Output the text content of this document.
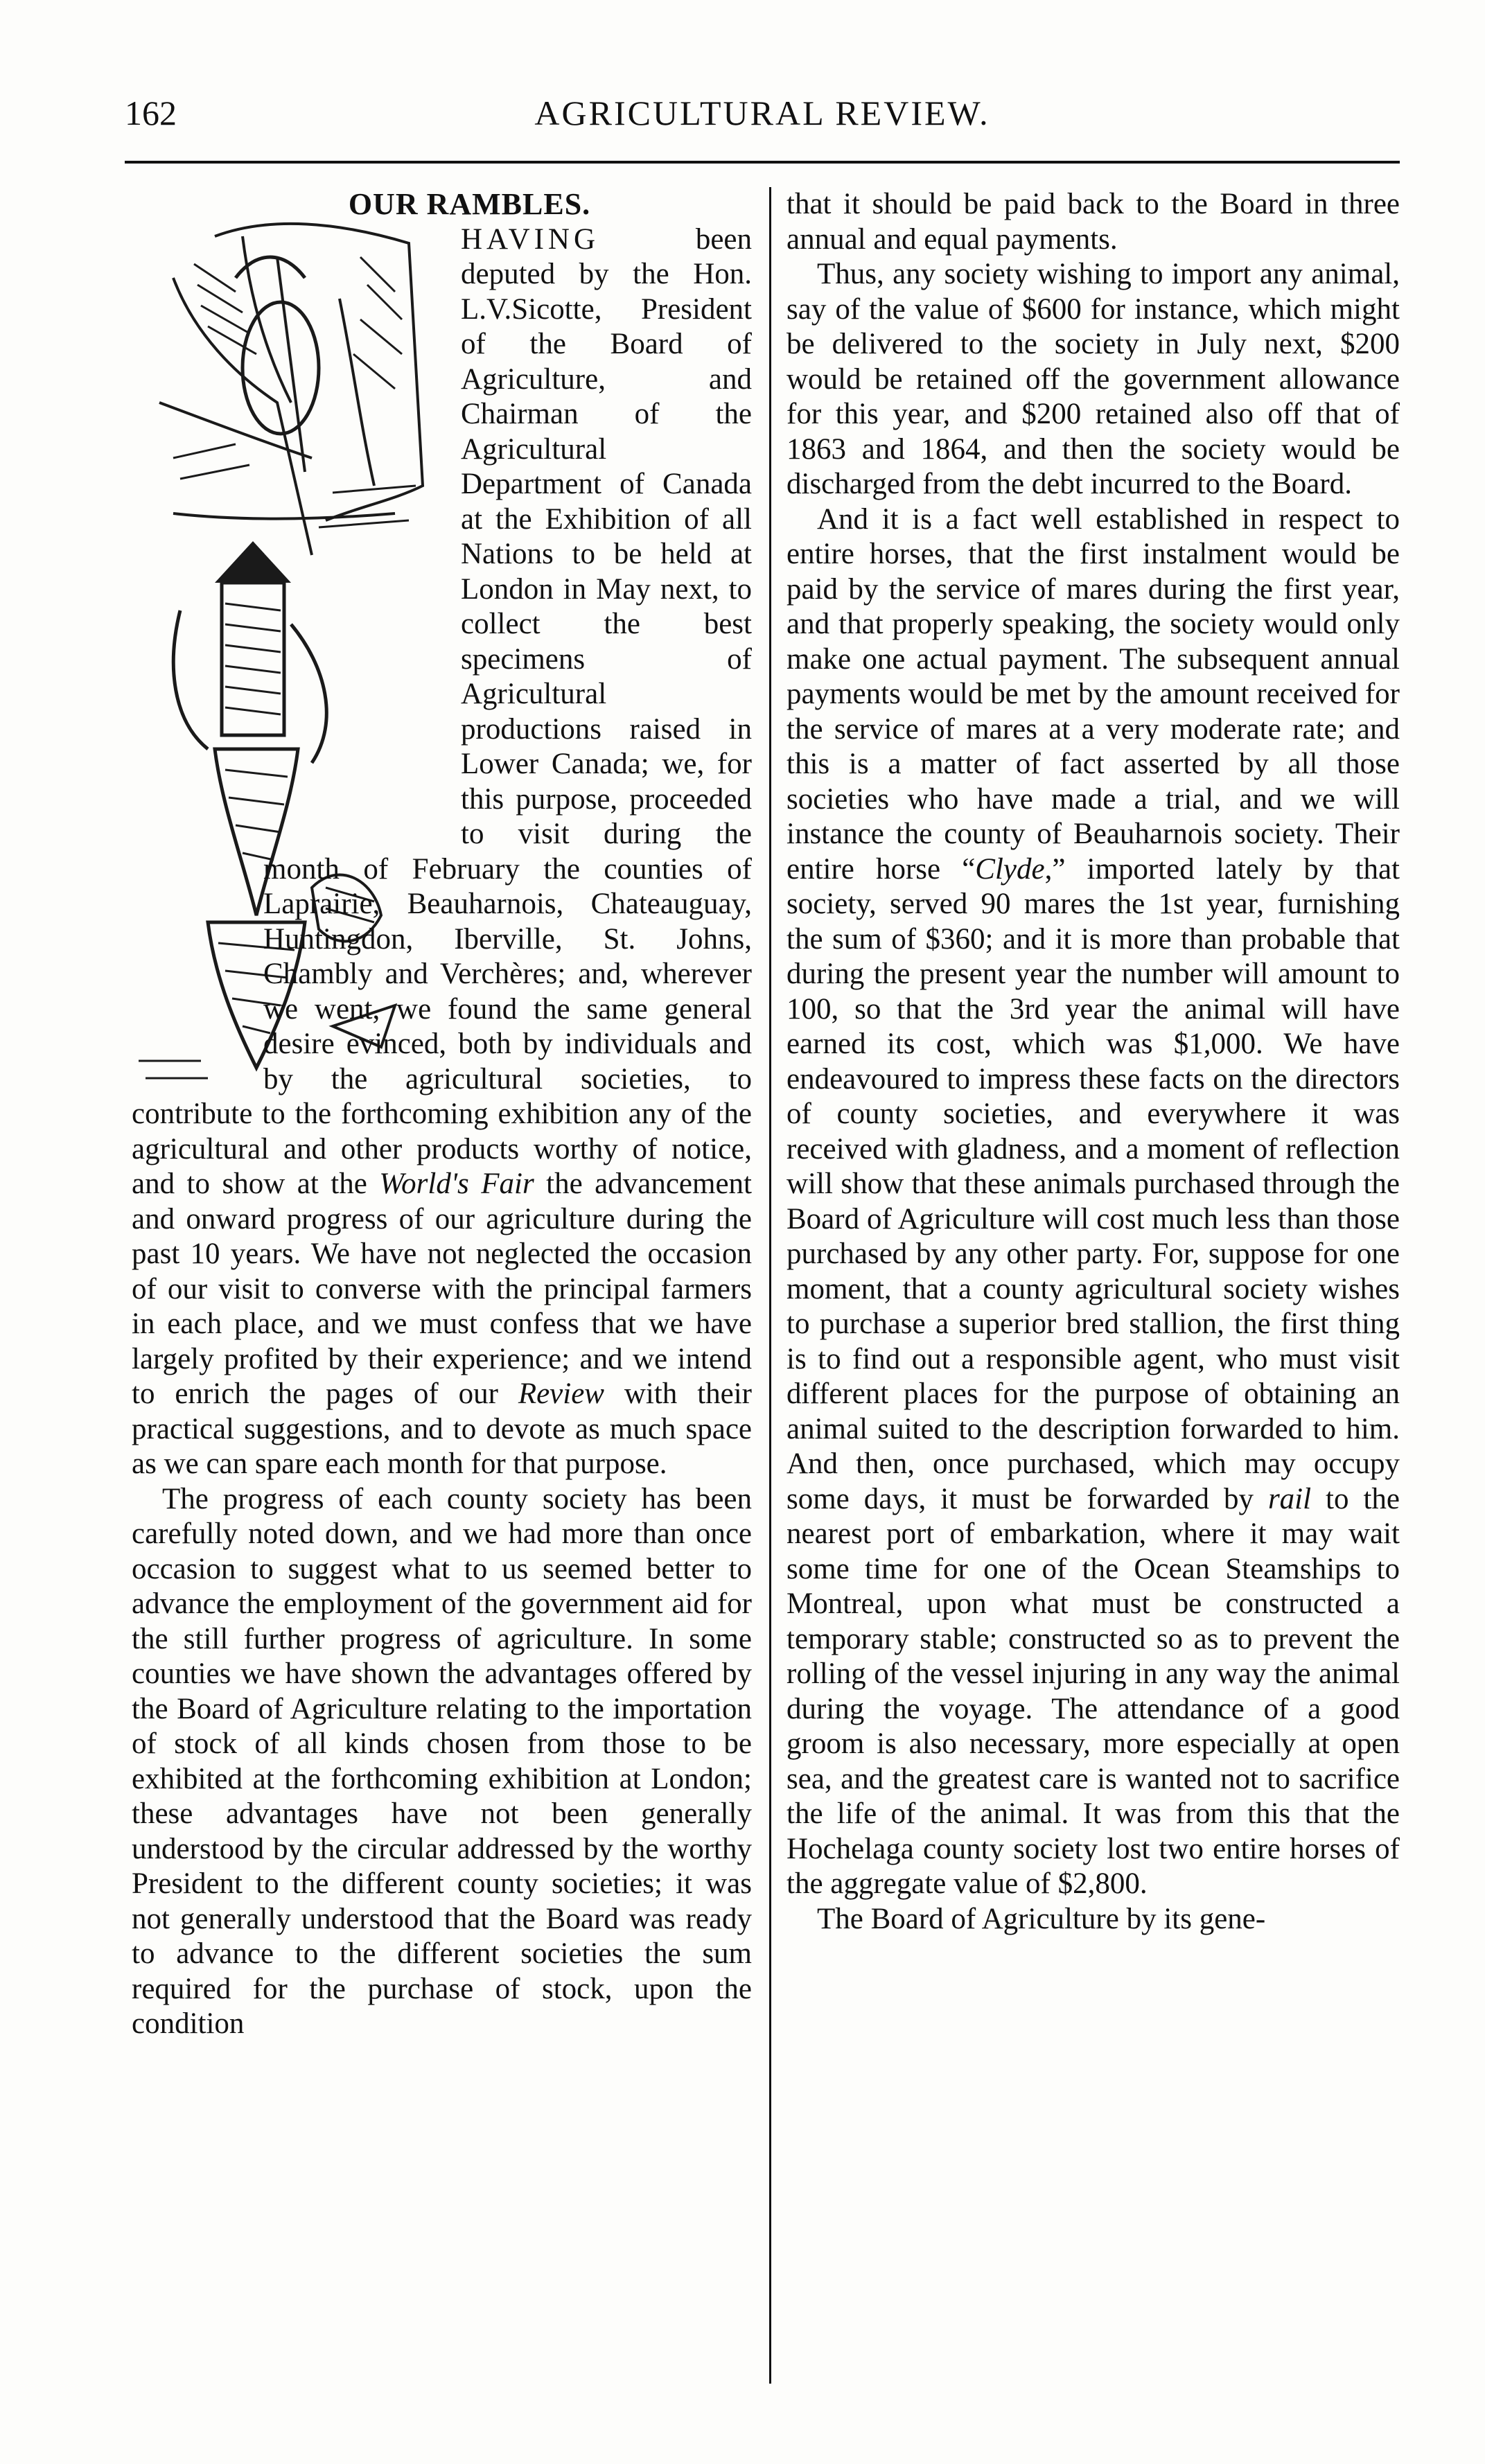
162	AGRICULTURAL REVIEW.
OUR RAMBLES.

HAVING been deputed by the Hon. L.V.Sicotte, President of the Board of Agriculture, and Chairman of the Agricultural Department of Canada at the Exhibition of all Nations to be held at London in May next, to collect the best specimens of Agricultural productions raised in Lower Canada; we, for this purpose, proceeded to visit during the month of February the counties of Laprairie, Beauharnois, Chateauguay, Huntingdon, Iberville, St. Johns, Chambly and Verchères; and, wherever we went, we found the same general desire evinced, both by individuals and by the agricultural societies, to contribute to the forthcoming exhibition any of the agricultural and other products worthy of notice, and to show at the World's Fair the advancement and onward progress of our agriculture during the past 10 years. We have not neglected the occasion of our visit to converse with the principal farmers in each place, and we must confess that we have largely profited by their experience; and we intend to enrich the pages of our Review with their practical suggestions, and to devote as much space as we can spare each month for that purpose.

The progress of each county society has been carefully noted down, and we had more than once occasion to suggest what to us seemed better to advance the employment of the government aid for the still further progress of agriculture. In some counties we have shown the advantages offered by the Board of Agriculture relating to the importation of stock of all kinds chosen from those to be exhibited at the forthcoming exhibition at London; these advantages have not been generally understood by the circular addressed by the worthy President to the different county societies; it was not generally understood that the Board was ready to advance to the different societies the sum required for the purchase of stock, upon the condition

that it should be paid back to the Board in three annual and equal payments.

Thus, any society wishing to import any animal, say of the value of $600 for instance, which might be delivered to the society in July next, $200 would be retained off the government allowance for this year, and $200 retained also off that of 1863 and 1864, and then the society would be discharged from the debt incurred to the Board.

And it is a fact well established in respect to entire horses, that the first instalment would be paid by the service of mares during the first year, and that properly speaking, the society would only make one actual payment. The subsequent annual payments would be met by the amount received for the service of mares at a very moderate rate; and this is a matter of fact asserted by all those societies who have made a trial, and we will instance the county of Beauharnois society. Their entire horse “Clyde,” imported lately by that society, served 90 mares the 1st year, furnishing the sum of $360; and it is more than probable that during the present year the number will amount to 100, so that the 3rd year the animal will have earned its cost, which was $1,000. We have endeavoured to impress these facts on the directors of county societies, and everywhere it was received with gladness, and a moment of reflection will show that these animals purchased through the Board of Agriculture will cost much less than those purchased by any other party. For, suppose for one moment, that a county agricultural society wishes to purchase a superior bred stallion, the first thing is to find out a responsible agent, who must visit different places for the purpose of obtaining an animal suited to the description forwarded to him. And then, once purchased, which may occupy some days, it must be forwarded by rail to the nearest port of embarkation, where it may wait some time for one of the Ocean Steamships to Montreal, upon what must be constructed a temporary stable; constructed so as to prevent the rolling of the vessel injuring in any way the animal during the voyage. The attendance of a good groom is also necessary, more especially at open sea, and the greatest care is wanted not to sacrifice the life of the animal. It was from this that the Hochelaga county society lost two entire horses of the aggregate value of $2,800.

The Board of Agriculture by its gene-
